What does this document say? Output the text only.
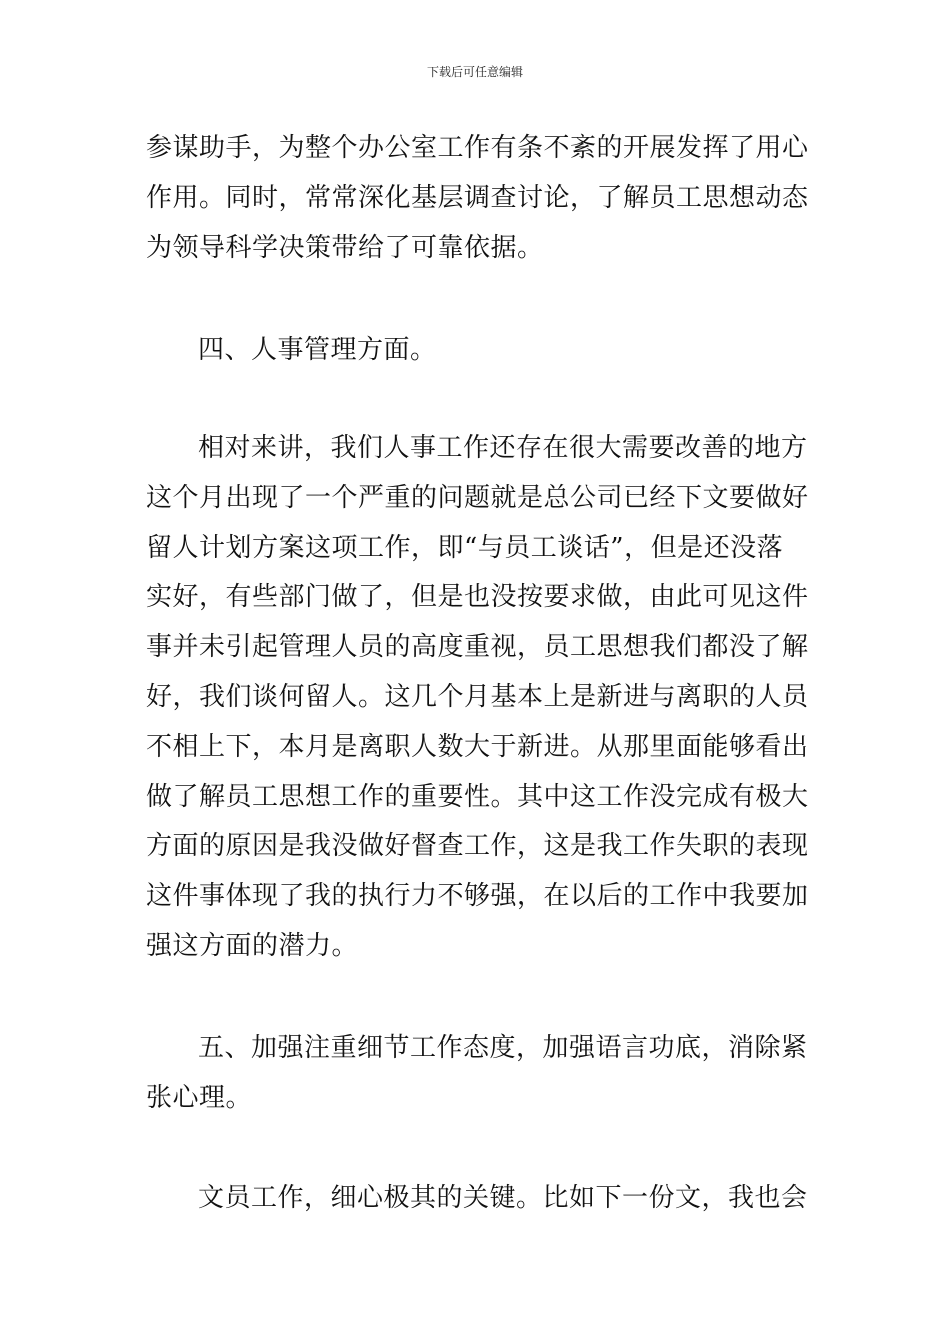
下载后可任意编辑
参谋助手，为整个办公室工作有条不紊的开展发挥了用心
作用。同时，常常深化基层调查讨论，了解员工思想动态
为领导科学决策带给了可靠依据。
四、人事管理方面。
相对来讲，我们人事工作还存在很大需要改善的地方
这个月出现了一个严重的问题就是总公司已经下文要做好
留人计划方案这项工作，即“与员工谈话”，但是还没落
实好，有些部门做了，但是也没按要求做，由此可见这件
事并未引起管理人员的高度重视，员工思想我们都没了解
好，我们谈何留人。这几个月基本上是新进与离职的人员
不相上下，本月是离职人数大于新进。从那里面能够看出
做了解员工思想工作的重要性。其中这工作没完成有极大
方面的原因是我没做好督查工作，这是我工作失职的表现
这件事体现了我的执行力不够强，在以后的工作中我要加
强这方面的潜力。
五、加强注重细节工作态度，加强语言功底，消除紧
张心理。
文员工作，细心极其的关键。比如下一份文，我也会
